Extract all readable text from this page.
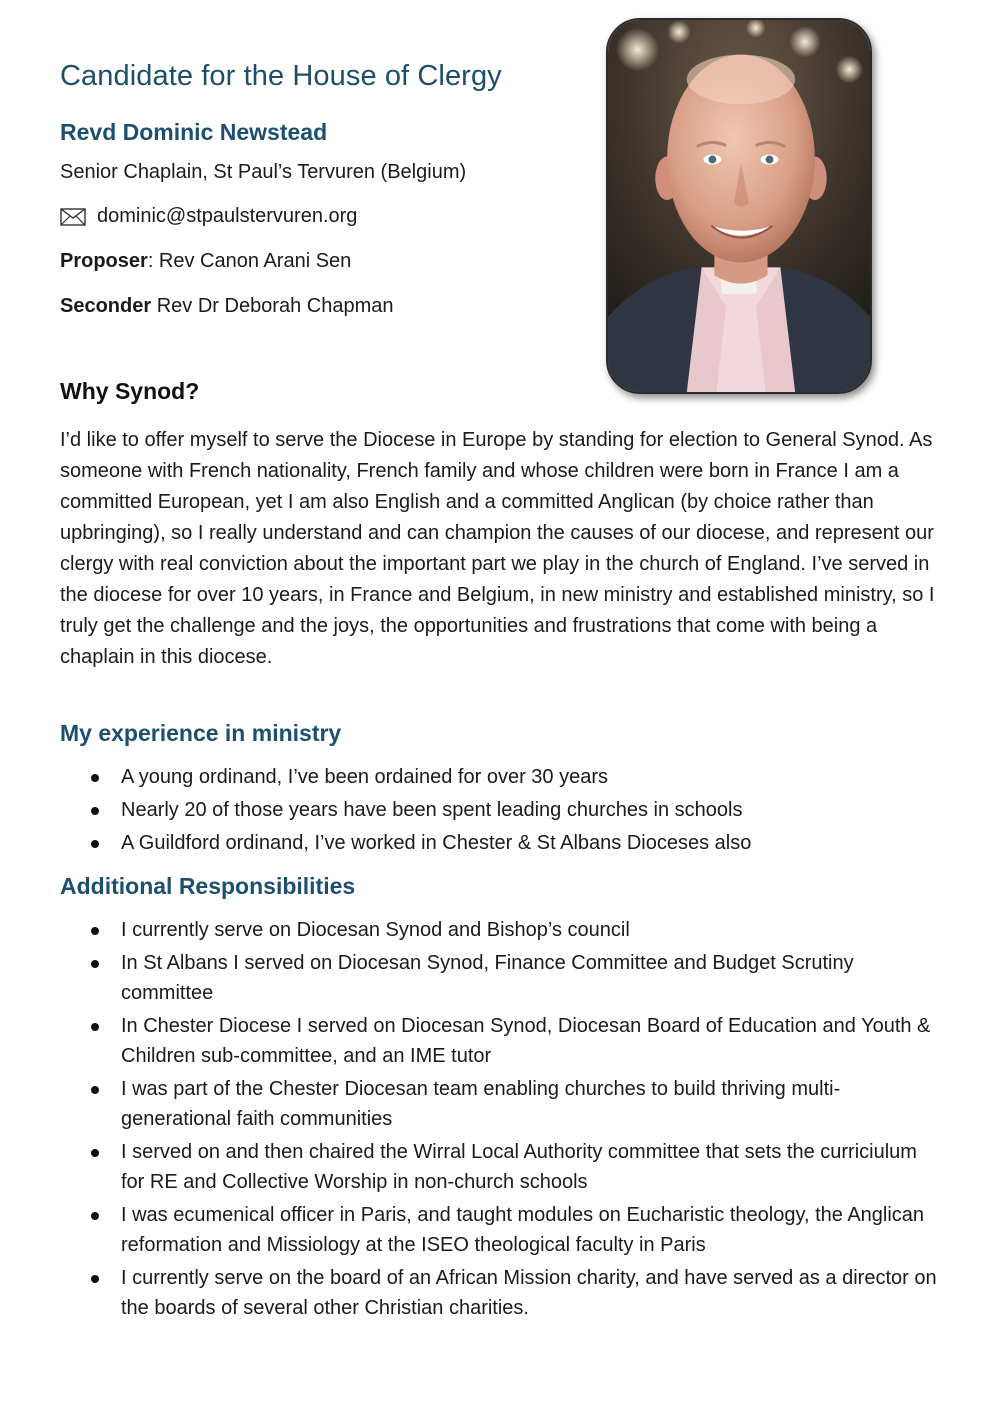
Candidate for the House of Clergy
Revd Dominic Newstead

Senior Chaplain, St Paul’s Tervuren (Belgium)

dominic@stpaulstervuren.org

Proposer: Rev Canon Arani Sen

Seconder Rev Dr Deborah Chapman

Why Synod?

I’d like to offer myself to serve the Diocese in Europe by standing for election to General Synod. As someone with French nationality, French family and whose children were born in France I am a committed European, yet I am also English and a committed Anglican (by choice rather than upbringing), so I really understand and can champion the causes of our diocese, and represent our clergy with real conviction about the important part we play in the church of England. I’ve served in the diocese for over 10 years, in France and Belgium, in new ministry and established ministry, so I truly get the challenge and the joys, the opportunities and frustrations that come with being a chaplain in this diocese.

My experience in ministry
A young ordinand, I’ve been ordained for over 30 years
Nearly 20 of those years have been spent leading churches in schools
A Guildford ordinand, I’ve worked in Chester & St Albans Dioceses also
Additional Responsibilities
I currently serve on Diocesan Synod and Bishop’s council
In St Albans I served on Diocesan Synod, Finance Committee and Budget Scrutiny committee
In Chester Diocese I served on Diocesan Synod, Diocesan Board of Education and Youth & Children sub-committee, and an IME tutor
I was part of the Chester Diocesan team enabling churches to build thriving multi-generational faith communities
I served on and then chaired the Wirral Local Authority committee that sets the curriciulum for RE and Collective Worship in non-church schools
I was ecumenical officer in Paris, and taught modules on Eucharistic theology, the Anglican reformation and Missiology at the ISEO theological faculty in Paris
I currently serve on the board of an African Mission charity, and have served as a director on the boards of several other Christian charities.
